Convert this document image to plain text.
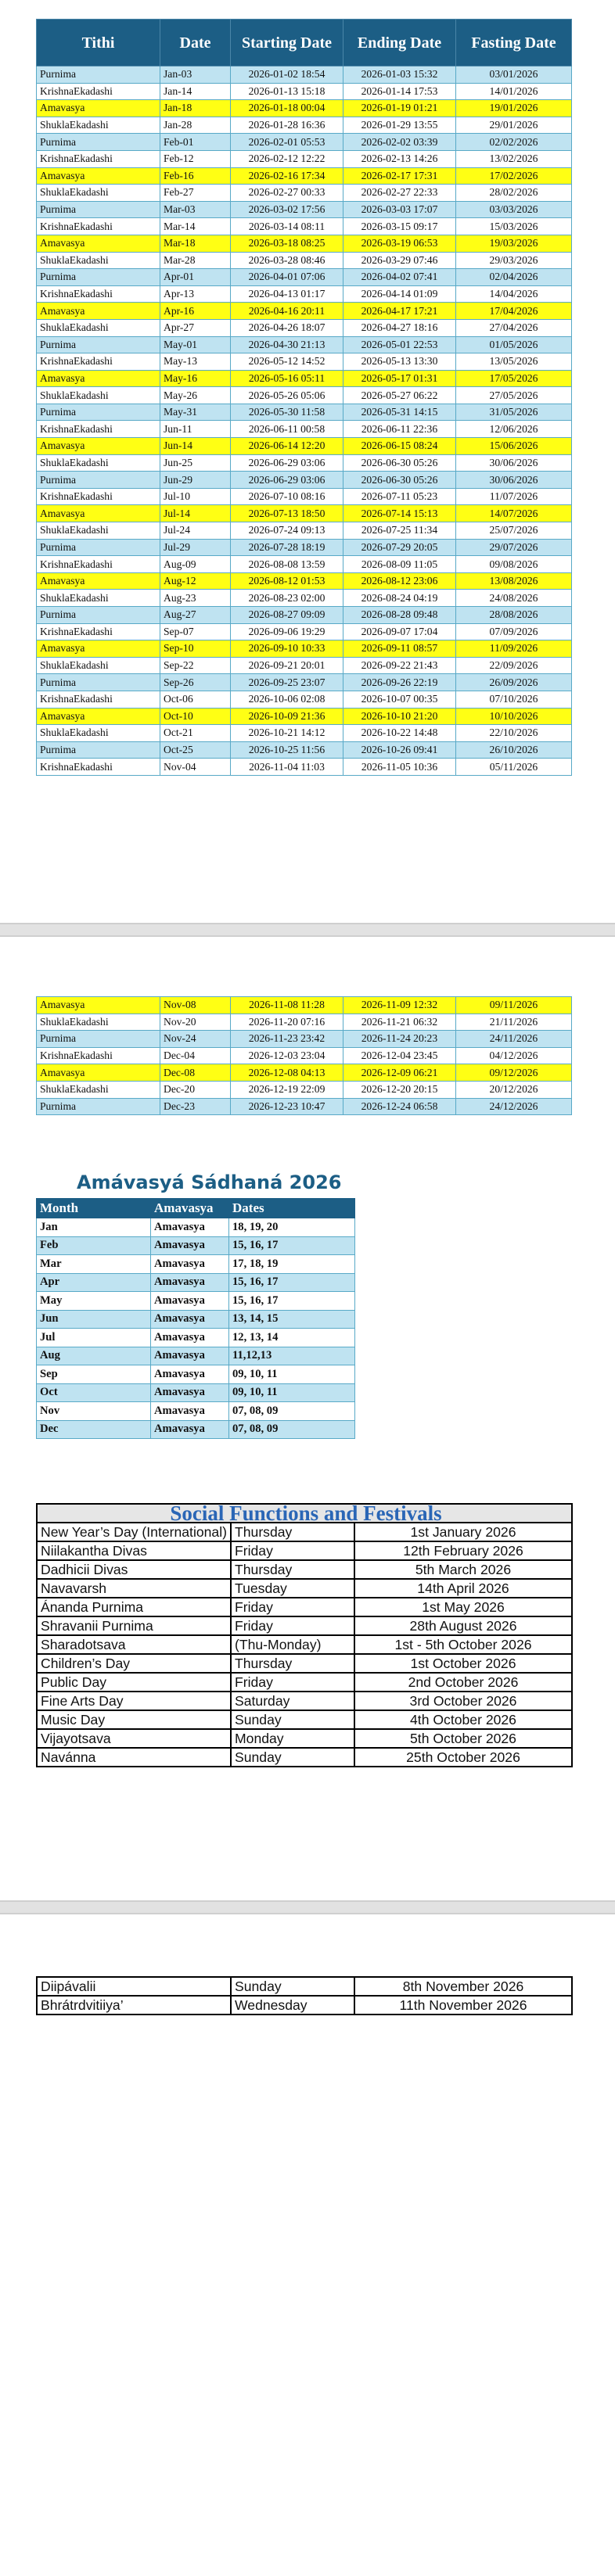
Tithi	Date	Starting Date	Ending Date	Fasting Date
Purnima	Jan-03	2026-01-02 18:54	2026-01-03 15:32	03/01/2026
KrishnaEkadashi	Jan-14	2026-01-13 15:18	2026-01-14 17:53	14/01/2026
Amavasya	Jan-18	2026-01-18 00:04	2026-01-19 01:21	19/01/2026
ShuklaEkadashi	Jan-28	2026-01-28 16:36	2026-01-29 13:55	29/01/2026
Purnima	Feb-01	2026-02-01 05:53	2026-02-02 03:39	02/02/2026
KrishnaEkadashi	Feb-12	2026-02-12 12:22	2026-02-13 14:26	13/02/2026
Amavasya	Feb-16	2026-02-16 17:34	2026-02-17 17:31	17/02/2026
ShuklaEkadashi	Feb-27	2026-02-27 00:33	2026-02-27 22:33	28/02/2026
Purnima	Mar-03	2026-03-02 17:56	2026-03-03 17:07	03/03/2026
KrishnaEkadashi	Mar-14	2026-03-14 08:11	2026-03-15 09:17	15/03/2026
Amavasya	Mar-18	2026-03-18 08:25	2026-03-19 06:53	19/03/2026
ShuklaEkadashi	Mar-28	2026-03-28 08:46	2026-03-29 07:46	29/03/2026
Purnima	Apr-01	2026-04-01 07:06	2026-04-02 07:41	02/04/2026
KrishnaEkadashi	Apr-13	2026-04-13 01:17	2026-04-14 01:09	14/04/2026
Amavasya	Apr-16	2026-04-16 20:11	2026-04-17 17:21	17/04/2026
ShuklaEkadashi	Apr-27	2026-04-26 18:07	2026-04-27 18:16	27/04/2026
Purnima	May-01	2026-04-30 21:13	2026-05-01 22:53	01/05/2026
KrishnaEkadashi	May-13	2026-05-12 14:52	2026-05-13 13:30	13/05/2026
Amavasya	May-16	2026-05-16 05:11	2026-05-17 01:31	17/05/2026
ShuklaEkadashi	May-26	2026-05-26 05:06	2026-05-27 06:22	27/05/2026
Purnima	May-31	2026-05-30 11:58	2026-05-31 14:15	31/05/2026
KrishnaEkadashi	Jun-11	2026-06-11 00:58	2026-06-11 22:36	12/06/2026
Amavasya	Jun-14	2026-06-14 12:20	2026-06-15 08:24	15/06/2026
ShuklaEkadashi	Jun-25	2026-06-29 03:06	2026-06-30 05:26	30/06/2026
Purnima	Jun-29	2026-06-29 03:06	2026-06-30 05:26	30/06/2026
KrishnaEkadashi	Jul-10	2026-07-10 08:16	2026-07-11 05:23	11/07/2026
Amavasya	Jul-14	2026-07-13 18:50	2026-07-14 15:13	14/07/2026
ShuklaEkadashi	Jul-24	2026-07-24 09:13	2026-07-25 11:34	25/07/2026
Purnima	Jul-29	2026-07-28 18:19	2026-07-29 20:05	29/07/2026
KrishnaEkadashi	Aug-09	2026-08-08 13:59	2026-08-09 11:05	09/08/2026
Amavasya	Aug-12	2026-08-12 01:53	2026-08-12 23:06	13/08/2026
ShuklaEkadashi	Aug-23	2026-08-23 02:00	2026-08-24 04:19	24/08/2026
Purnima	Aug-27	2026-08-27 09:09	2026-08-28 09:48	28/08/2026
KrishnaEkadashi	Sep-07	2026-09-06 19:29	2026-09-07 17:04	07/09/2026
Amavasya	Sep-10	2026-09-10 10:33	2026-09-11 08:57	11/09/2026
ShuklaEkadashi	Sep-22	2026-09-21 20:01	2026-09-22 21:43	22/09/2026
Purnima	Sep-26	2026-09-25 23:07	2026-09-26 22:19	26/09/2026
KrishnaEkadashi	Oct-06	2026-10-06 02:08	2026-10-07 00:35	07/10/2026
Amavasya	Oct-10	2026-10-09 21:36	2026-10-10 21:20	10/10/2026
ShuklaEkadashi	Oct-21	2026-10-21 14:12	2026-10-22 14:48	22/10/2026
Purnima	Oct-25	2026-10-25 11:56	2026-10-26 09:41	26/10/2026
KrishnaEkadashi	Nov-04	2026-11-04 11:03	2026-11-05 10:36	05/11/2026
Amavasya	Nov-08	2026-11-08 11:28	2026-11-09 12:32	09/11/2026
ShuklaEkadashi	Nov-20	2026-11-20 07:16	2026-11-21 06:32	21/11/2026
Purnima	Nov-24	2026-11-23 23:42	2026-11-24 20:23	24/11/2026
KrishnaEkadashi	Dec-04	2026-12-03 23:04	2026-12-04 23:45	04/12/2026
Amavasya	Dec-08	2026-12-08 04:13	2026-12-09 06:21	09/12/2026
ShuklaEkadashi	Dec-20	2026-12-19 22:09	2026-12-20 20:15	20/12/2026
Purnima	Dec-23	2026-12-23 10:47	2026-12-24 06:58	24/12/2026
Amávasyá Sádhaná 2026
Month	Amavasya	Dates
Jan	Amavasya	18, 19, 20
Feb	Amavasya	15, 16, 17
Mar	Amavasya	17, 18, 19
Apr	Amavasya	15, 16, 17
May	Amavasya	15, 16, 17
Jun	Amavasya	13, 14, 15
Jul	Amavasya	12, 13, 14
Aug	Amavasya	11,12,13
Sep	Amavasya	09, 10, 11
Oct	Amavasya	09, 10, 11
Nov	Amavasya	07, 08, 09
Dec	Amavasya	07, 08, 09
Social Functions and Festivals		
New Year’s Day (International)	Thursday	1st January 2026
Niilakantha Divas	Friday	12th February 2026
Dadhicii Divas	Thursday	5th March 2026
Navavarsh	Tuesday	14th April 2026
Ánanda Purnima	Friday	1st May 2026
Shravanii Purnima	Friday	28th August 2026
Sharadotsava	(Thu-Monday)	1st - 5th October 2026
Children’s Day	Thursday	1st October 2026
Public Day	Friday	2nd October 2026
Fine Arts Day	Saturday	3rd October 2026
Music Day	Sunday	4th October 2026
Vijayotsava	Monday	5th October 2026
Navánna	Sunday	25th October 2026
Diipávalii	Sunday	8th November 2026
Bhrátrdvitiiya’	Wednesday	11th November 2026
